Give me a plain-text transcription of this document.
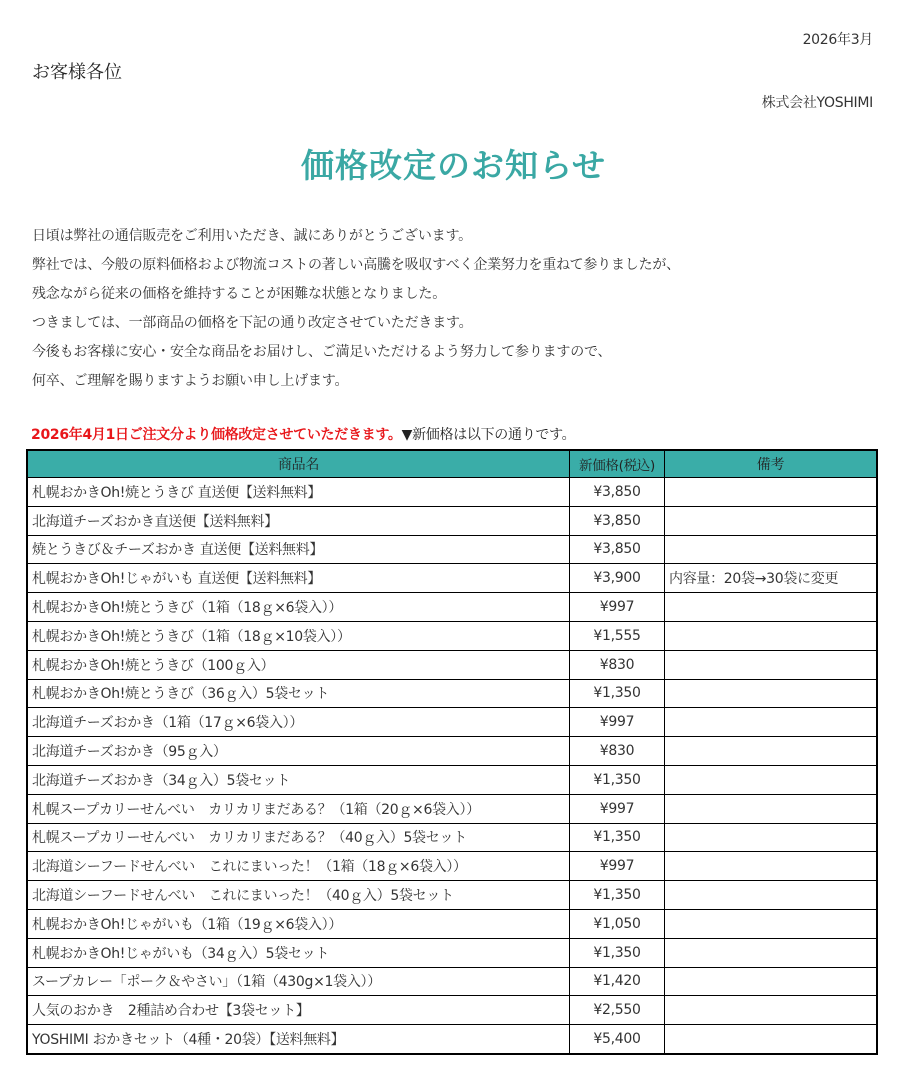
2026年3月
お客様各位
株式会社YOSHIMI
価格改定のお知らせ
日頃は弊社の通信販売をご利用いただき、誠にありがとうございます。
弊社では、今般の原料価格および物流コストの著しい高騰を吸収すべく企業努力を重ねて参りましたが、
残念ながら従来の価格を維持することが困難な状態となりました。
つきましては、一部商品の価格を下記の通り改定させていただきます。
今後もお客様に安心・安全な商品をお届けし、ご満足いただけるよう努力して参りますので、
何卒、ご理解を賜りますようお願い申し上げます。
2026年4月1日ご注文分より価格改定させていただきます。▼新価格は以下の通りです。
商品名	新価格(税込)	備考
札幌おかきOh!焼とうきび 直送便【送料無料】	¥3,850	
北海道チーズおかき直送便【送料無料】	¥3,850	
焼とうきび＆チーズおかき 直送便【送料無料】	¥3,850	
札幌おかきOh!じゃがいも 直送便【送料無料】	¥3,900	内容量：20袋→30袋に変更
札幌おかきOh!焼とうきび（1箱（18ｇ×6袋入））	¥997	
札幌おかきOh!焼とうきび（1箱（18ｇ×10袋入））	¥1,555	
札幌おかきOh!焼とうきび（100ｇ入）	¥830	
札幌おかきOh!焼とうきび（36ｇ入）5袋セット	¥1,350	
北海道チーズおかき（1箱（17ｇ×6袋入））	¥997	
北海道チーズおかき（95ｇ入）	¥830	
北海道チーズおかき（34ｇ入）5袋セット	¥1,350	
札幌スープカリーせんべい　カリカリまだある？（1箱（20ｇ×6袋入））	¥997	
札幌スープカリーせんべい　カリカリまだある？（40ｇ入）5袋セット	¥1,350	
北海道シーフードせんべい　これにまいった！（1箱（18ｇ×6袋入））	¥997	
北海道シーフードせんべい　これにまいった！（40ｇ入）5袋セット	¥1,350	
札幌おかきOh!じゃがいも（1箱（19ｇ×6袋入））	¥1,050	
札幌おかきOh!じゃがいも（34ｇ入）5袋セット	¥1,350	
スープカレー「ポーク＆やさい」（1箱（430g×1袋入））	¥1,420	
人気のおかき　2種詰め合わせ【3袋セット】	¥2,550	
YOSHIMI おかきセット（4種・20袋）【送料無料】	¥5,400	
